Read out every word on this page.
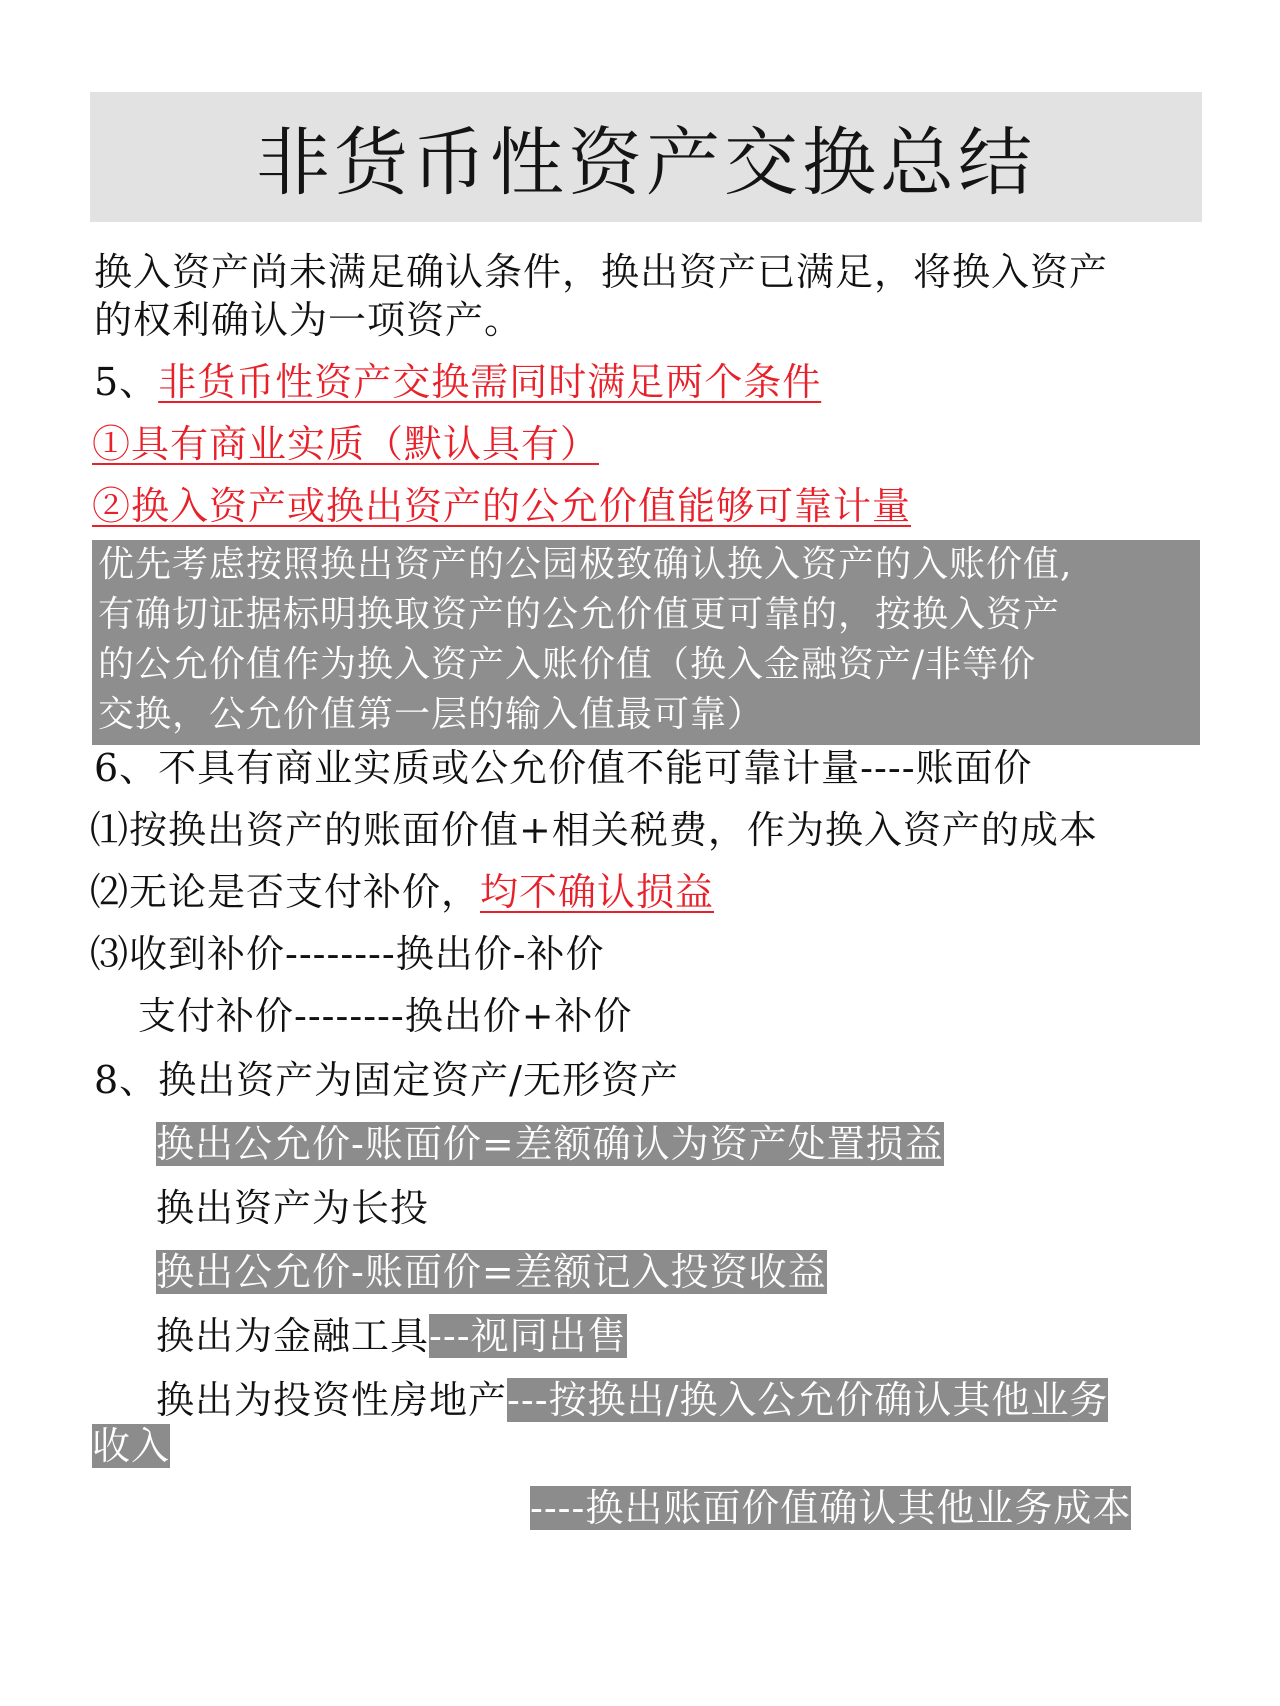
非货币性资产交换总结
换入资产尚未满足确认条件，换出资产已满足，将换入资产
的权利确认为一项资产。
5、非货币性资产交换需同时满足两个条件
①具有商业实质（默认具有）
②换入资产或换出资产的公允价值能够可靠计量

优先考虑按照换出资产的公园极致确认换入资产的入账价值,

有确切证据标明换取资产的公允价值更可靠的，按换入资产

的公允价值作为换入资产入账价值（换入金融资产/非等价

交换，公允价值第一层的输入值最可靠）

6、不具有商业实质或公允价值不能可靠计量----账面价
⑴按换出资产的账面价值+相关税费，作为换入资产的成本
⑵无论是否支付补价，均不确认损益
⑶收到补价--------换出价-补价
支付补价--------换出价+补价
8、换出资产为固定资产/无形资产
换出公允价-账面价=差额确认为资产处置损益
换出资产为长投
换出公允价-账面价=差额记入投资收益
换出为金融工具---视同出售
换出为投资性房地产---按换出/换入公允价确认其他业务
收入
----换出账面价值确认其他业务成本
